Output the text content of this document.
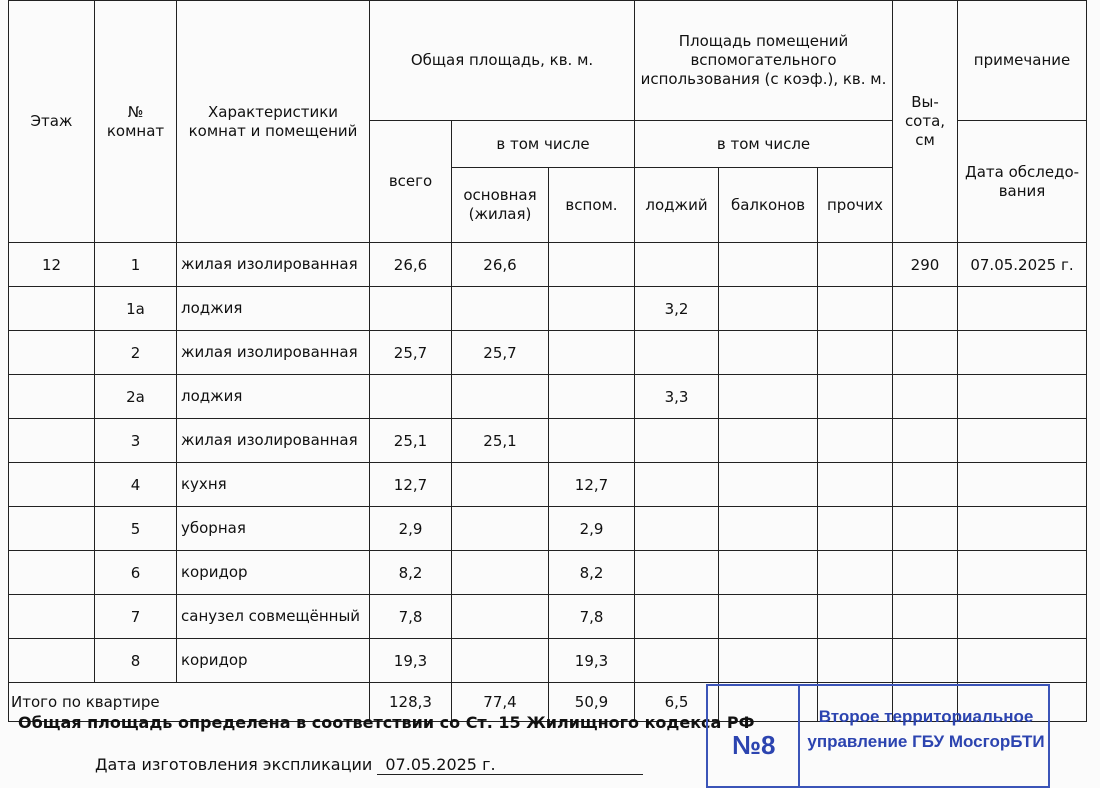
Этаж	№ комнат	Характеристики комнат и помещений	Общая площадь, кв. м.			Площадь помещений вспомогательного использования (с коэф.), кв. м.			Вы-сота, см	примечание
			всего	в том числе		в том числе				Дата обследо-вания
				основная (жилая)	вспом.	лоджий	балконов	прочих		
12	1	жилая изолированная	26,6	26,6					290	07.05.2025 г.
	1а	лоджия				3,2				
	2	жилая изолированная	25,7	25,7						
	2а	лоджия				3,3				
	3	жилая изолированная	25,1	25,1						
	4	кухня	12,7		12,7					
	5	уборная	2,9		2,9					
	6	коридор	8,2		8,2					
	7	санузел совмещённый	7,8		7,8					
	8	коридор	19,3		19,3					
Итого по квартире			128,3	77,4	50,9	6,5				
Общая площадь определена в соответствии со Ст. 15 Жилищного кодекса РФ
Дата изготовления экспликации 07.05.2025 г.
№8
Второе территориальное управление ГБУ МосгорБТИ
